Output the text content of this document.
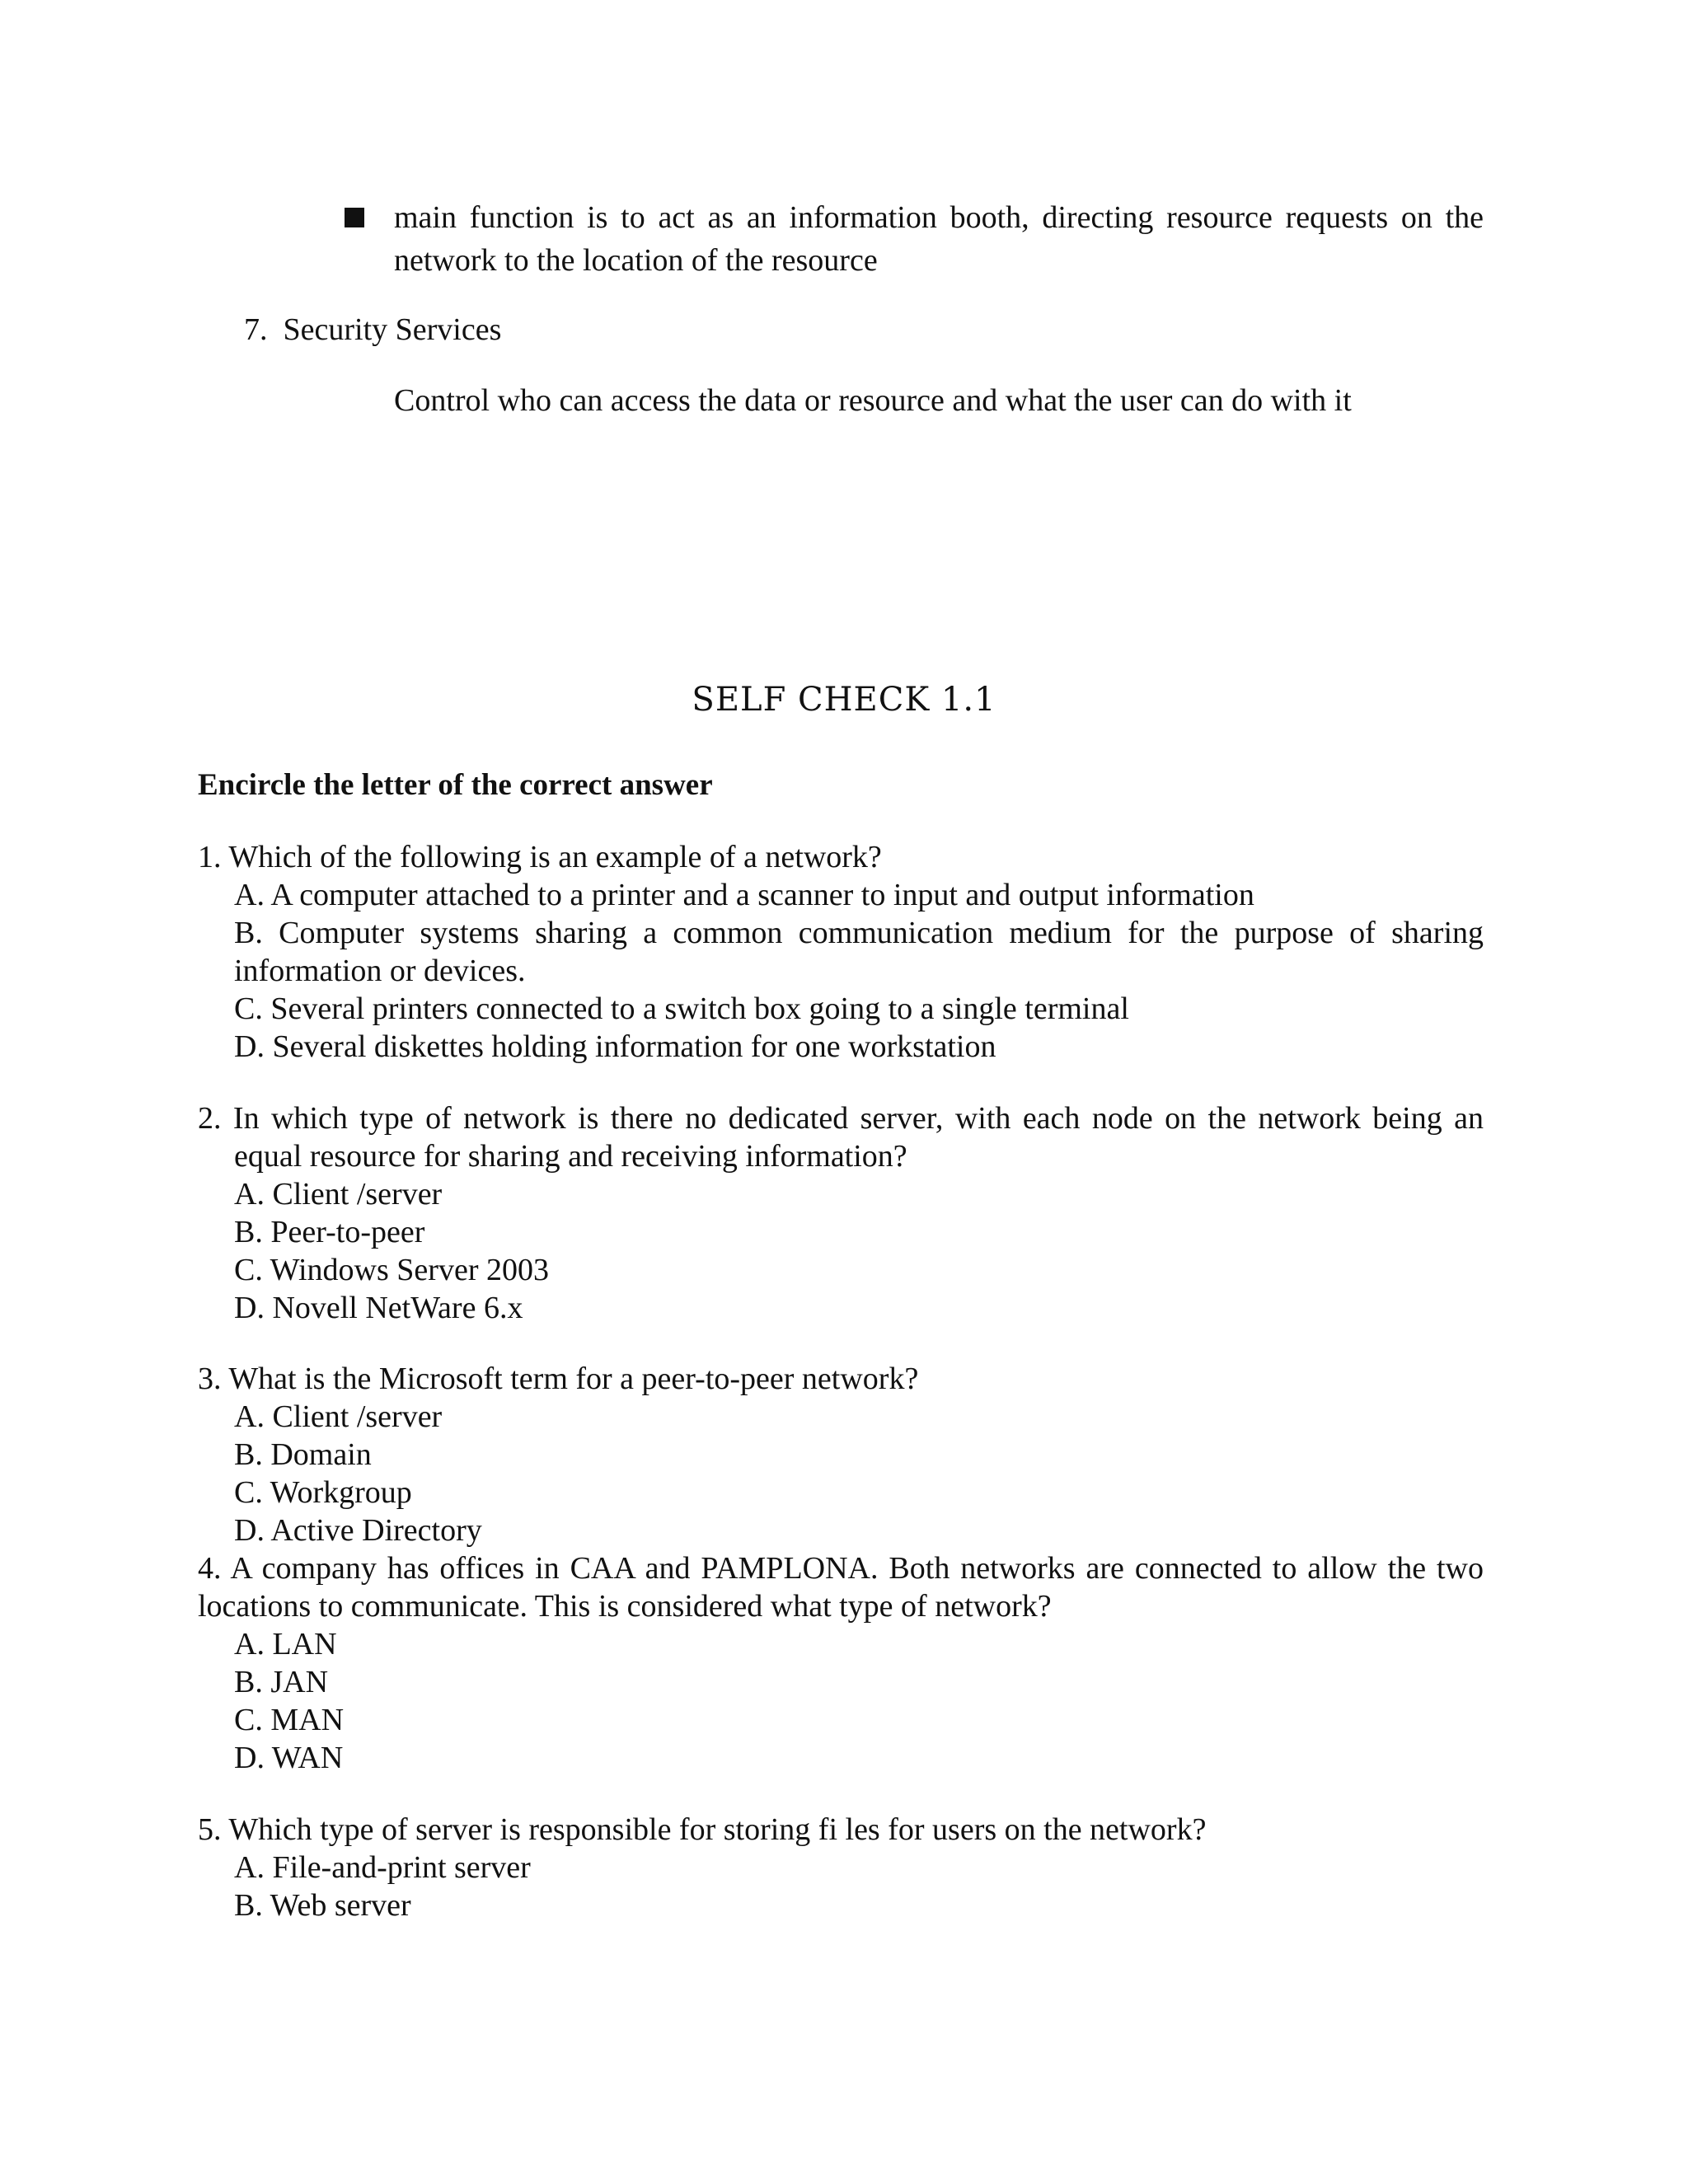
main function is to act as an information booth, directing resource requests on the network to the location of the resource
7. Security Services
Control who can access the data or resource and what the user can do with it
SELF CHECK 1.1
Encircle the letter of the correct answer

1. Which of the following is an example of a network?

A. A computer attached to a printer and a scanner to input and output information

B. Computer systems sharing a common communication medium for the purpose of sharing information or devices.

C. Several printers connected to a switch box going to a single terminal

D. Several diskettes holding information for one workstation

2. In which type of network is there no dedicated server, with each node on the network being an equal resource for sharing and receiving information?

A. Client /server

B. Peer-to-peer

C. Windows Server 2003

D. Novell NetWare 6.x

3. What is the Microsoft term for a peer-to-peer network?

A. Client /server

B. Domain

C. Workgroup

D. Active Directory

4. A company has offices in CAA and PAMPLONA. Both networks are connected to allow the two locations to communicate. This is considered what type of network?

A. LAN

B. JAN

C. MAN

D. WAN

5. Which type of server is responsible for storing fi les for users on the network?

A. File-and-print server

B. Web server
